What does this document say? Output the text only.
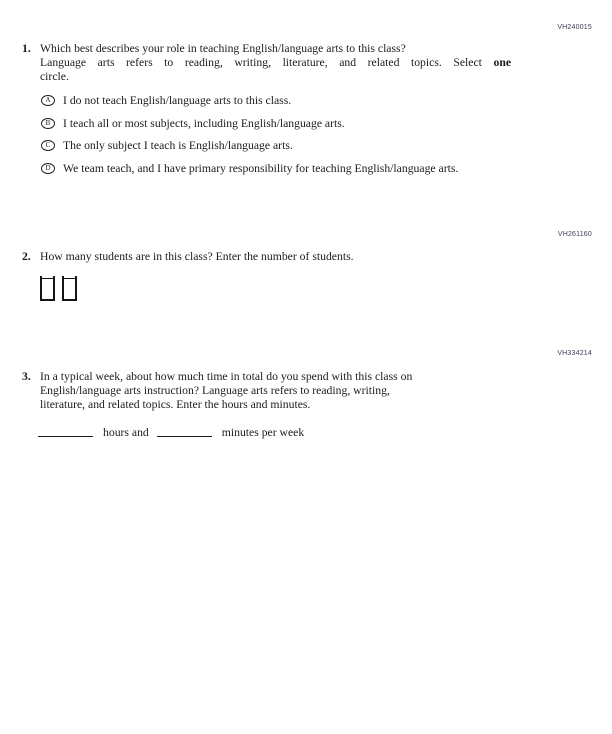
VH240015
VH261160
VH334214
1. Which best describes your role in teaching English/language arts to this class?
Language arts refers to reading, writing, literature, and related topics. Select one
circle.
A I do not teach English/language arts to this class.
B I teach all or most subjects, including English/language arts.
C The only subject I teach is English/language arts.
D We team teach, and I have primary responsibility for teaching English/language arts.
2. How many students are in this class? Enter the number of students.

3. In a typical week, about how much time in total do you spend with this class on
English/language arts instruction? Language arts refers to reading, writing,
literature, and related topics. Enter the hours and minutes.
hours and	minutes per week
